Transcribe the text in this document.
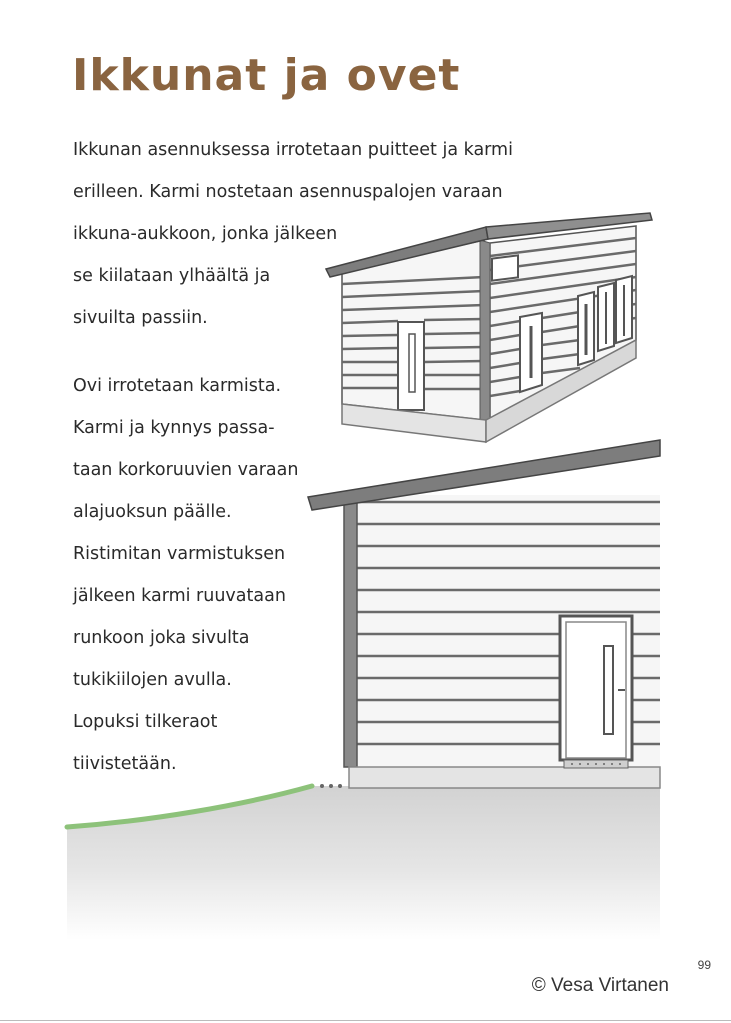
Ikkunat ja ovet

Ikkunan asennuksessa irrotetaan puitteet ja karmi

erilleen. Karmi nostetaan asennuspalojen varaan

ikkuna-aukkoon, jonka jälkeen

se kiilataan ylhäältä ja

sivuilta passiin.

Ovi irrotetaan karmista.

Karmi ja kynnys passa-

taan korkoruuvien varaan

alajuoksun päälle.

Ristimitan varmistuksen

jälkeen karmi ruuvataan

runkoon joka sivulta

tukikiilojen avulla.

Lopuksi tilkeraot

tiivistetään.

99
© Vesa Virtanen
